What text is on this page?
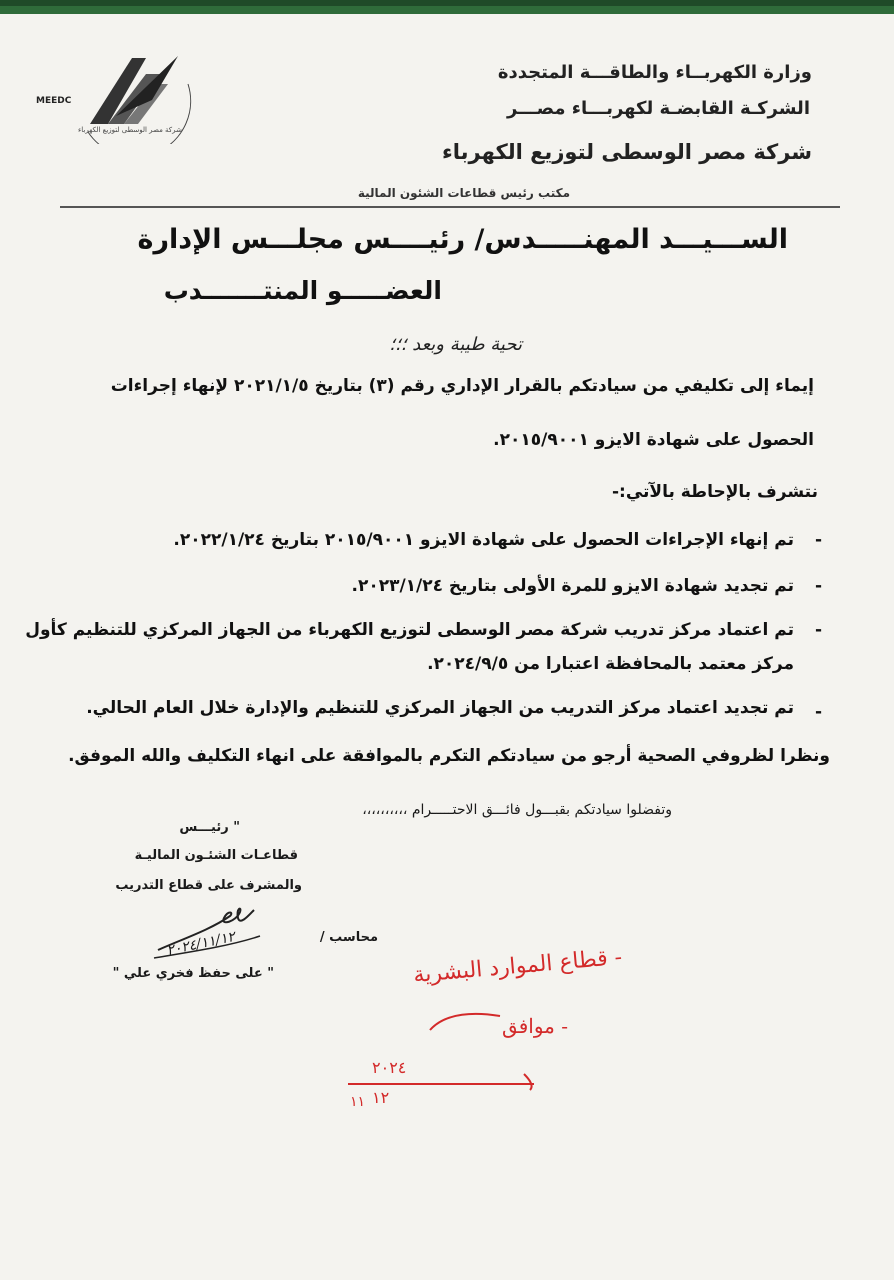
MEEDC
شركة مصر الوسطى لتوزيع الكهرباء
وزارة الكهربــاء والطاقـــة المتجددة
الشركـة القابضـة لكهربـــاء مصـــر
شركة مصر الوسطى لتوزيع الكهرباء
مكتب رئيس قطاعات الشئون المالية
الســـيـــد المهنـــــدس/ رئيــــس مجلـــس الإدارة
العضـــــو المنتـــــــدب
تحية طيبة وبعد ؛؛؛
إيماء إلى تكليفي من سيادتكم بالقرار الإداري رقم (٣) بتاريخ ٢٠٢١/١/٥ لإنهاء إجراءات
الحصول على شهادة الايزو ٢٠١٥/٩٠٠١.
نتشرف بالإحاطة بالآتي:-
-
تم إنهاء الإجراءات الحصول على شهادة الايزو ٢٠١٥/٩٠٠١ بتاريخ ٢٠٢٢/١/٢٤.
-
تم تجديد شهادة الايزو للمرة الأولى بتاريخ ٢٠٢٣/١/٢٤.
-
تم اعتماد مركز تدريب شركة مصر الوسطى لتوزيع الكهرباء من الجهاز المركزي للتنظيم كأول
مركز معتمد بالمحافظة اعتبارا من ٢٠٢٤/٩/٥.
-
تم تجديد اعتماد مركز التدريب من الجهاز المركزي للتنظيم والإدارة خلال العام الحالي.
ونظرا لظروفي الصحية أرجو من سيادتكم التكرم بالموافقة على انهاء التكليف والله الموفق.
وتفضلوا سيادتكم بقبـــول فائـــق الاحتـــــرام ،،،،،،،،،،
" رئيـــس
قطاعـات الشئـون الماليـة
والمشرف على قطاع التدريب
٢٠٢٤/١١/١٢
" على حفظ فخري علي "
محاسب /
- قطاع الموارد البشرية
- موافق
٢٠٢٤
١٢
١١
